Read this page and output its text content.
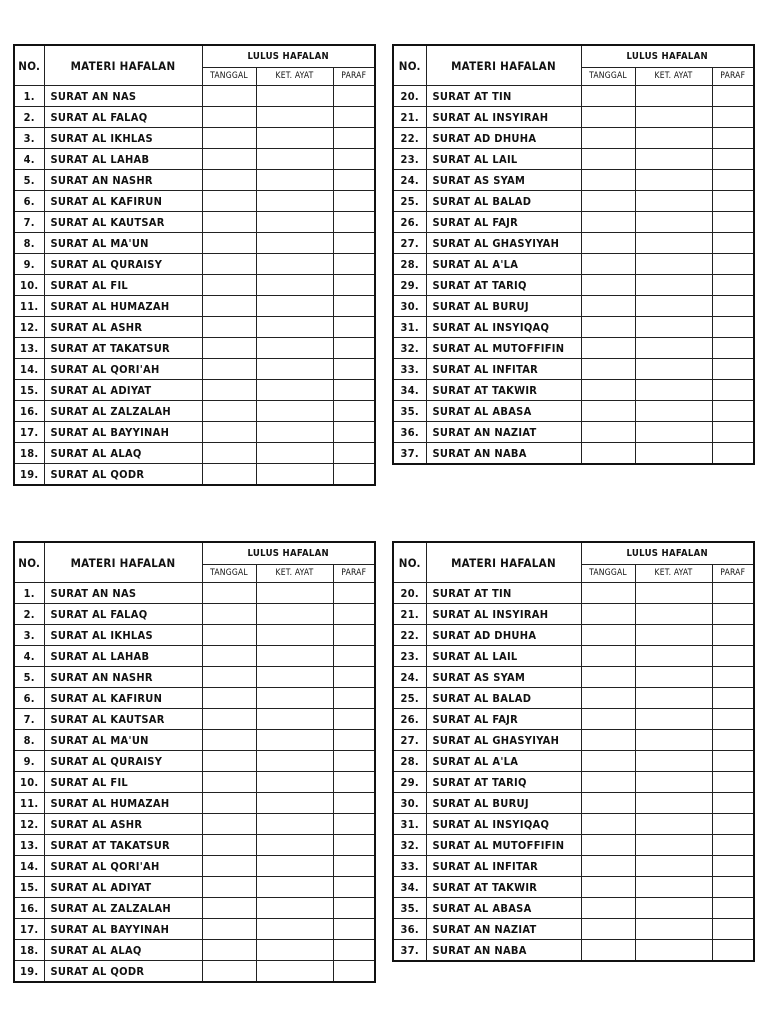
NO.	MATERI HAFALAN	LULUS HAFALAN		
		TANGGAL	KET. AYAT	PARAF
1.	SURAT AN NAS			
2.	SURAT AL FALAQ			
3.	SURAT AL IKHLAS			
4.	SURAT AL LAHAB			
5.	SURAT AN NASHR			
6.	SURAT AL KAFIRUN			
7.	SURAT AL KAUTSAR			
8.	SURAT AL MA'UN			
9.	SURAT AL QURAISY			
10.	SURAT AL FIL			
11.	SURAT AL HUMAZAH			
12.	SURAT AL ASHR			
13.	SURAT AT TAKATSUR			
14.	SURAT AL QORI'AH			
15.	SURAT AL ADIYAT			
16.	SURAT AL ZALZALAH			
17.	SURAT AL BAYYINAH			
18.	SURAT AL ALAQ			
19.	SURAT AL QODR			
NO.	MATERI HAFALAN	LULUS HAFALAN		
		TANGGAL	KET. AYAT	PARAF
20.	SURAT AT TIN			
21.	SURAT AL INSYIRAH			
22.	SURAT AD DHUHA			
23.	SURAT AL LAIL			
24.	SURAT AS SYAM			
25.	SURAT AL BALAD			
26.	SURAT AL FAJR			
27.	SURAT AL GHASYIYAH			
28.	SURAT AL A'LA			
29.	SURAT AT TARIQ			
30.	SURAT AL BURUJ			
31.	SURAT AL INSYIQAQ			
32.	SURAT AL MUTOFFIFIN			
33.	SURAT AL INFITAR			
34.	SURAT AT TAKWIR			
35.	SURAT AL ABASA			
36.	SURAT AN NAZIAT			
37.	SURAT AN NABA			
NO.	MATERI HAFALAN	LULUS HAFALAN		
		TANGGAL	KET. AYAT	PARAF
1.	SURAT AN NAS			
2.	SURAT AL FALAQ			
3.	SURAT AL IKHLAS			
4.	SURAT AL LAHAB			
5.	SURAT AN NASHR			
6.	SURAT AL KAFIRUN			
7.	SURAT AL KAUTSAR			
8.	SURAT AL MA'UN			
9.	SURAT AL QURAISY			
10.	SURAT AL FIL			
11.	SURAT AL HUMAZAH			
12.	SURAT AL ASHR			
13.	SURAT AT TAKATSUR			
14.	SURAT AL QORI'AH			
15.	SURAT AL ADIYAT			
16.	SURAT AL ZALZALAH			
17.	SURAT AL BAYYINAH			
18.	SURAT AL ALAQ			
19.	SURAT AL QODR			
NO.	MATERI HAFALAN	LULUS HAFALAN		
		TANGGAL	KET. AYAT	PARAF
20.	SURAT AT TIN			
21.	SURAT AL INSYIRAH			
22.	SURAT AD DHUHA			
23.	SURAT AL LAIL			
24.	SURAT AS SYAM			
25.	SURAT AL BALAD			
26.	SURAT AL FAJR			
27.	SURAT AL GHASYIYAH			
28.	SURAT AL A'LA			
29.	SURAT AT TARIQ			
30.	SURAT AL BURUJ			
31.	SURAT AL INSYIQAQ			
32.	SURAT AL MUTOFFIFIN			
33.	SURAT AL INFITAR			
34.	SURAT AT TAKWIR			
35.	SURAT AL ABASA			
36.	SURAT AN NAZIAT			
37.	SURAT AN NABA			
